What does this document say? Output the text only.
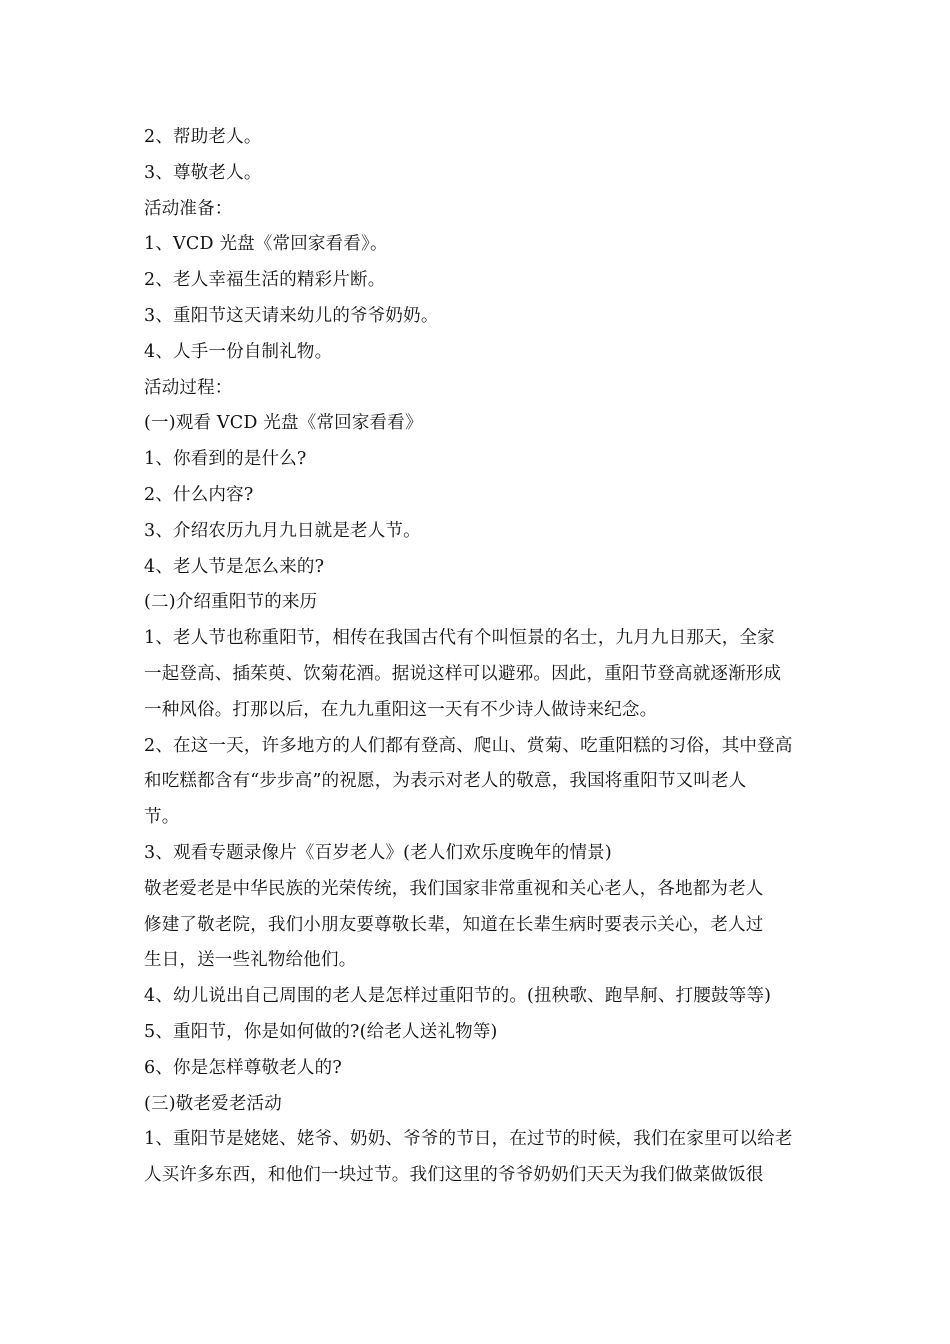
2、帮助老人。
3、尊敬老人。
活动准备：
1、VCD 光盘《常回家看看》。
2、老人幸福生活的精彩片断。
3、重阳节这天请来幼儿的爷爷奶奶。
4、人手一份自制礼物。
活动过程：
(一)观看 VCD 光盘《常回家看看》
1、你看到的是什么?
2、什么内容?
3、介绍农历九月九日就是老人节。
4、老人节是怎么来的?
(二)介绍重阳节的来历
1、老人节也称重阳节，相传在我国古代有个叫恒景的名士，九月九日那天，全家
一起登高、插茱萸、饮菊花酒。据说这样可以避邪。因此，重阳节登高就逐渐形成
一种风俗。打那以后，在九九重阳这一天有不少诗人做诗来纪念。
2、在这一天，许多地方的人们都有登高、爬山、赏菊、吃重阳糕的习俗，其中登高
和吃糕都含有“步步高”的祝愿，为表示对老人的敬意，我国将重阳节又叫老人
节。
3、观看专题录像片《百岁老人》(老人们欢乐度晚年的情景)
敬老爱老是中华民族的光荣传统，我们国家非常重视和关心老人，各地都为老人
修建了敬老院，我们小朋友要尊敬长辈，知道在长辈生病时要表示关心，老人过
生日，送一些礼物给他们。
4、幼儿说出自己周围的老人是怎样过重阳节的。(扭秧歌、跑旱舸、打腰鼓等等)
5、重阳节，你是如何做的?(给老人送礼物等)
6、你是怎样尊敬老人的?
(三)敬老爱老活动
1、重阳节是姥姥、姥爷、奶奶、爷爷的节日，在过节的时候，我们在家里可以给老
人买许多东西，和他们一块过节。我们这里的爷爷奶奶们天天为我们做菜做饭很
